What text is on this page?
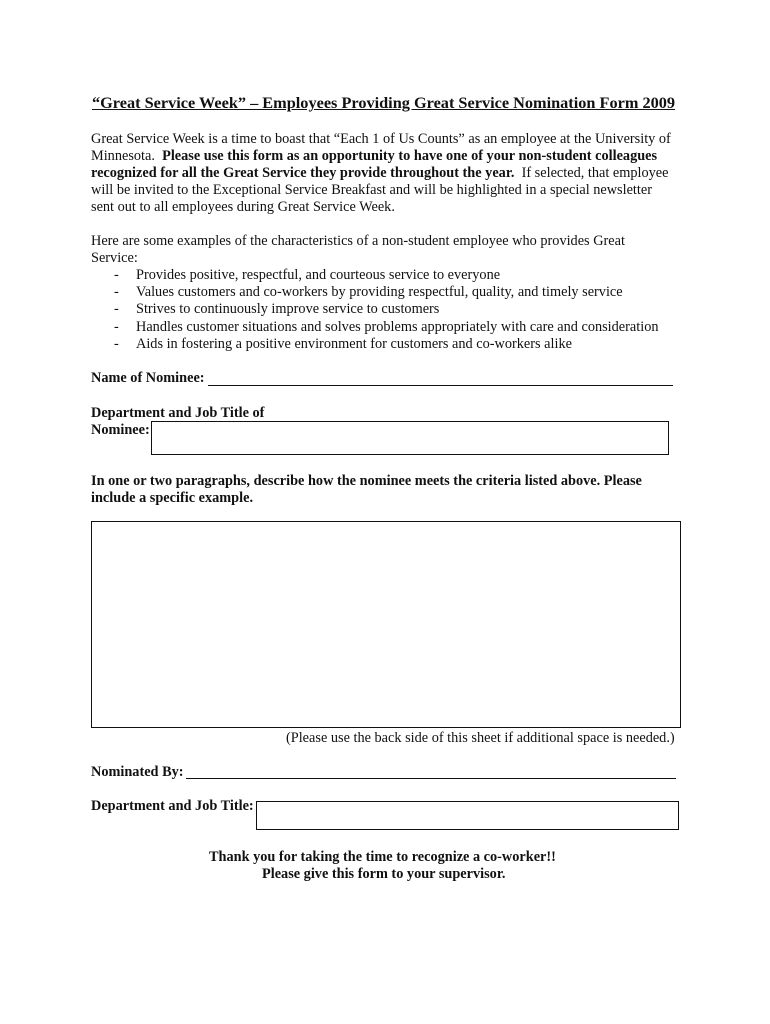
“Great Service Week” – Employees Providing Great Service Nomination Form 2009
Great Service Week is a time to boast that “Each 1 of Us Counts” as an employee at the University of
Minnesota.  Please use this form as an opportunity to have one of your non-student colleagues
recognized for all the Great Service they provide throughout the year.  If selected, that employee
will be invited to the Exceptional Service Breakfast and will be highlighted in a special newsletter
sent out to all employees during Great Service Week.
Here are some examples of the characteristics of a non-student employee who provides Great
Service:
- Provides positive, respectful, and courteous service to everyone
- Values customers and co-workers by providing respectful, quality, and timely service
- Strives to continuously improve service to customers
- Handles customer situations and solves problems appropriately with care and consideration
- Aids in fostering a positive environment for customers and co-workers alike
Name of Nominee:
Department and Job Title of
Nominee:
In one or two paragraphs, describe how the nominee meets the criteria listed above. Please
include a specific example.
(Please use the back side of this sheet if additional space is needed.)
Nominated By:
Department and Job Title:
Thank you for taking the time to recognize a co-worker!!
Please give this form to your supervisor.
